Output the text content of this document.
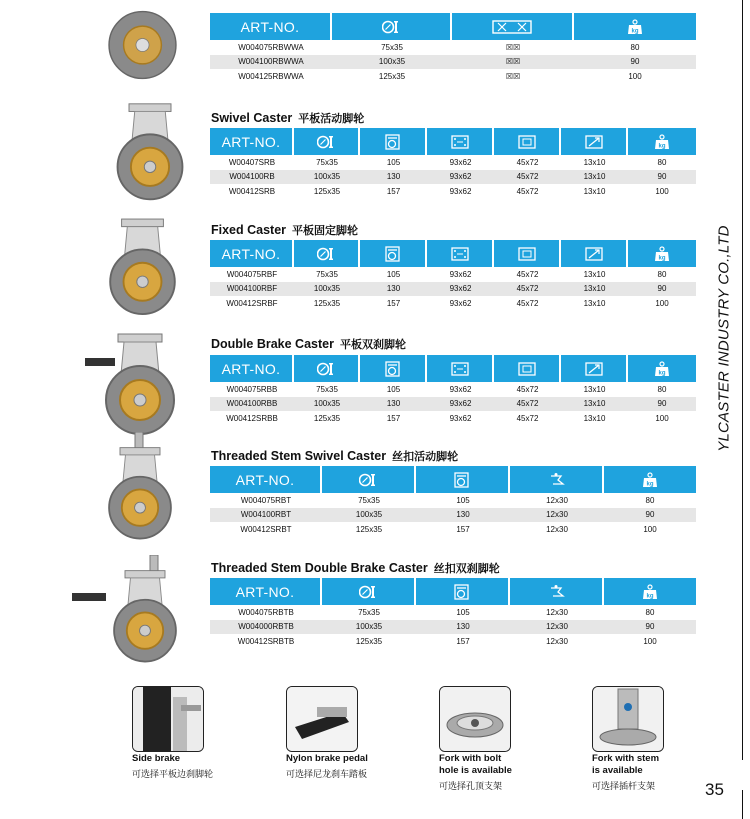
ART-NO.
W004075RBWWA	75x35	☒☒	80
W004100RBWWA	100x35	☒☒	90
W004125RBWWA	125x35	☒☒	100
Swivel Caster 平板活动脚轮
ART-NO.
W00407SRB	75x35	105	93x62	45x72	13x10	80
W004100RB	100x35	130	93x62	45x72	13x10	90
W00412SRB	125x35	157	93x62	45x72	13x10	100
Fixed Caster 平板固定脚轮
ART-NO.
W004075RBF	75x35	105	93x62	45x72	13x10	80
W004100RBF	100x35	130	93x62	45x72	13x10	90
W00412SRBF	125x35	157	93x62	45x72	13x10	100
Double Brake Caster 平板双刹脚轮
ART-NO.
W004075RBB	75x35	105	93x62	45x72	13x10	80
W004100RBB	100x35	130	93x62	45x72	13x10	90
W00412SRBB	125x35	157	93x62	45x72	13x10	100
Threaded Stem Swivel Caster 丝扣活动脚轮
ART-NO.
W004075RBT	75x35	105	12x30	80
W004100RBT	100x35	130	12x30	90
W00412SRBT	125x35	157	12x30	100
Threaded Stem Double Brake Caster 丝扣双刹脚轮
ART-NO.
W004075RBTB	75x35	105	12x30	80
W004000RBTB	100x35	130	12x30	90
W00412SRBTB	125x35	157	12x30	100
Side brake
可选择平板边刹脚轮
Nylon brake pedal
可选择尼龙刹车踏板
Fork with bolt
hole is available
可选择孔顶支架
Fork with stem
is available
可选择插杆支架
YLCASTER INDUSTRY CO.,LTD
35
